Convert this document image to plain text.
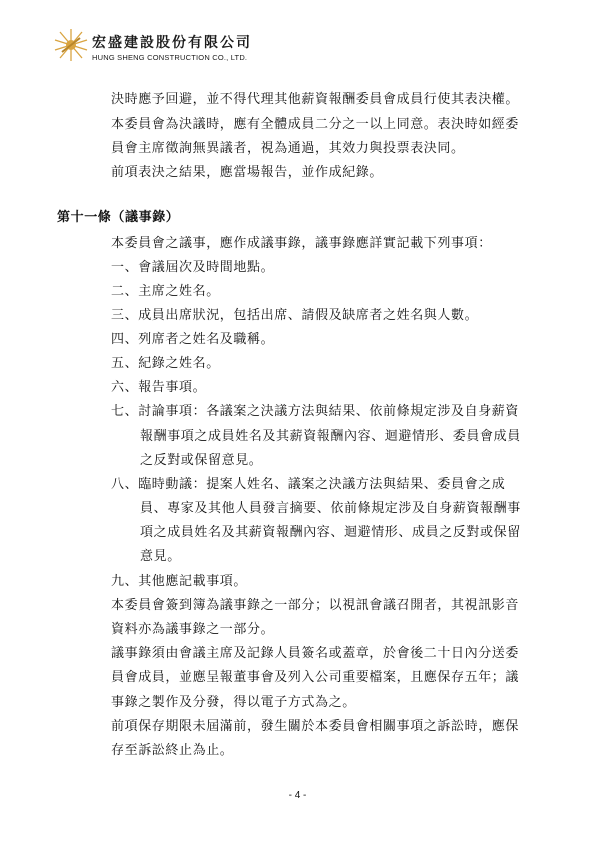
宏盛建設股份有限公司
HUNG SHENG CONSTRUCTION CO., LTD.
決時應予回避，並不得代理其他薪資報酬委員會成員行使其表決權。
本委員會為決議時，應有全體成員二分之一以上同意。表決時如經委
員會主席徵詢無異議者，視為通過，其效力與投票表決同。
前項表決之結果，應當場報告，並作成紀錄。
第十一條（議事錄）
本委員會之議事，應作成議事錄，議事錄應詳實記載下列事項：
一、會議屆次及時間地點。
二、主席之姓名。
三、成員出席狀況，包括出席、請假及缺席者之姓名與人數。
四、列席者之姓名及職稱。
五、紀錄之姓名。
六、報告事項。
七、討論事項：各議案之決議方法與結果、依前條規定涉及自身薪資
報酬事項之成員姓名及其薪資報酬內容、迴避情形、委員會成員
之反對或保留意見。
八、臨時動議：提案人姓名、議案之決議方法與結果、委員會之成
員、專家及其他人員發言摘要、依前條規定涉及自身薪資報酬事
項之成員姓名及其薪資報酬內容、迴避情形、成員之反對或保留
意見。
九、其他應記載事項。
本委員會簽到簿為議事錄之一部分；以視訊會議召開者，其視訊影音
資料亦為議事錄之一部分。
議事錄須由會議主席及記錄人員簽名或蓋章，於會後二十日內分送委
員會成員，並應呈報董事會及列入公司重要檔案，且應保存五年；議
事錄之製作及分發，得以電子方式為之。
前項保存期限未屆滿前，發生關於本委員會相關事項之訴訟時，應保
存至訴訟終止為止。
- 4 -
